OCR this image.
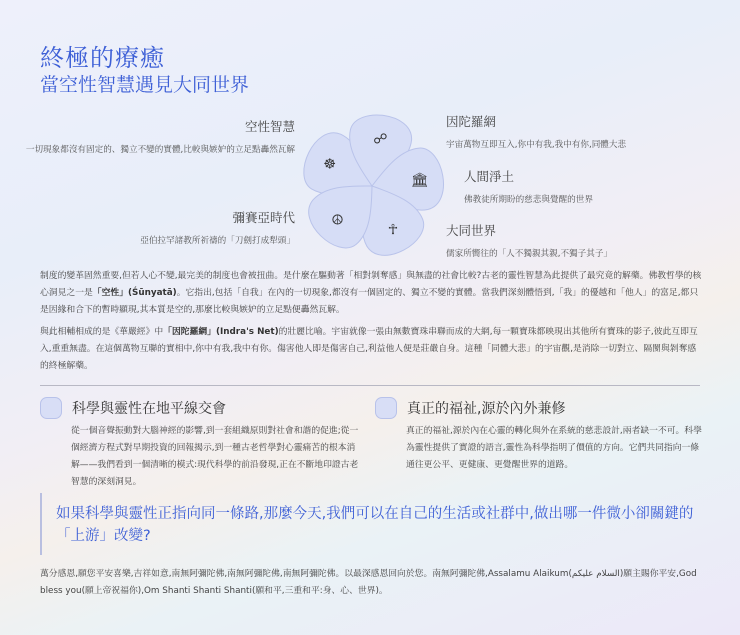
終極的療癒
當空性智慧遇見大同世界
空性智慧
一切現象都沒有固定的、獨立不變的實體,比較與嫉妒的立足點轟然瓦解
因陀羅網
宇宙萬物互即互入,你中有我,我中有你,同體大悲
人間淨土
佛教徒所期盼的慈悲與覺醒的世界
大同世界
儒家所嚮往的「人不獨親其親,不獨子其子」
彌賽亞時代
亞伯拉罕諸教所祈禱的「刀劍打成犁頭」
☸
☍
🏛
☥
☮
制度的變革固然重要,但若人心不變,最完美的制度也會被扭曲。是什麼在驅動著「相對剝奪感」與無盡的社會比較?古老的靈性智慧為此提供了最究竟的解藥。佛教哲學的核心洞見之一是「空性」(Śūnyatā)。它指出,包括「自我」在內的一切現象,都沒有一個固定的、獨立不變的實體。當我們深刻體悟到,「我」的優越和「他人」的富足,都只是因緣和合下的暫時顯現,其本質是空的,那麼比較與嫉妒的立足點便轟然瓦解。
與此相輔相成的是《華嚴經》中「因陀羅網」(Indra's Net)的壯麗比喻。宇宙就像一張由無數寶珠串聯而成的大網,每一顆寶珠都映現出其他所有寶珠的影子,彼此互即互入,重重無盡。在這個萬物互聯的實相中,你中有我,我中有你。傷害他人即是傷害自己,利益他人便是莊嚴自身。這種「同體大悲」的宇宙觀,是消除一切對立、隔閡與剝奪感的終極解藥。
科學與靈性在地平線交會
從一個音聲振動對大腦神經的影響,到一套組織原則對社會和諧的促進;從一個經濟方程式對早期投資的回報揭示,到一種古老哲學對心靈痛苦的根本消解——我們看到一個清晰的模式:現代科學的前沿發現,正在不斷地印證古老智慧的深刻洞見。
真正的福祉,源於內外兼修
真正的福祉,源於內在心靈的轉化與外在系統的慈悲設計,兩者缺一不可。科學為靈性提供了實證的語言,靈性為科學指明了價值的方向。它們共同指向一條通往更公平、更健康、更覺醒世界的道路。
如果科學與靈性正指向同一條路,那麼今天,我們可以在自己的生活或社群中,做出哪一件微小卻關鍵的「上游」改變?
萬分感恩,願您平安喜樂,吉祥如意,南無阿彌陀佛,南無阿彌陀佛,南無阿彌陀佛。以最深感恩回向於您。南無阿彌陀佛,Assalamu Alaikum(السلام عليكم)願主賜你平安,God bless you(願上帝祝福你),Om Shanti Shanti Shanti(願和平,三重和平:身、心、世界)。
